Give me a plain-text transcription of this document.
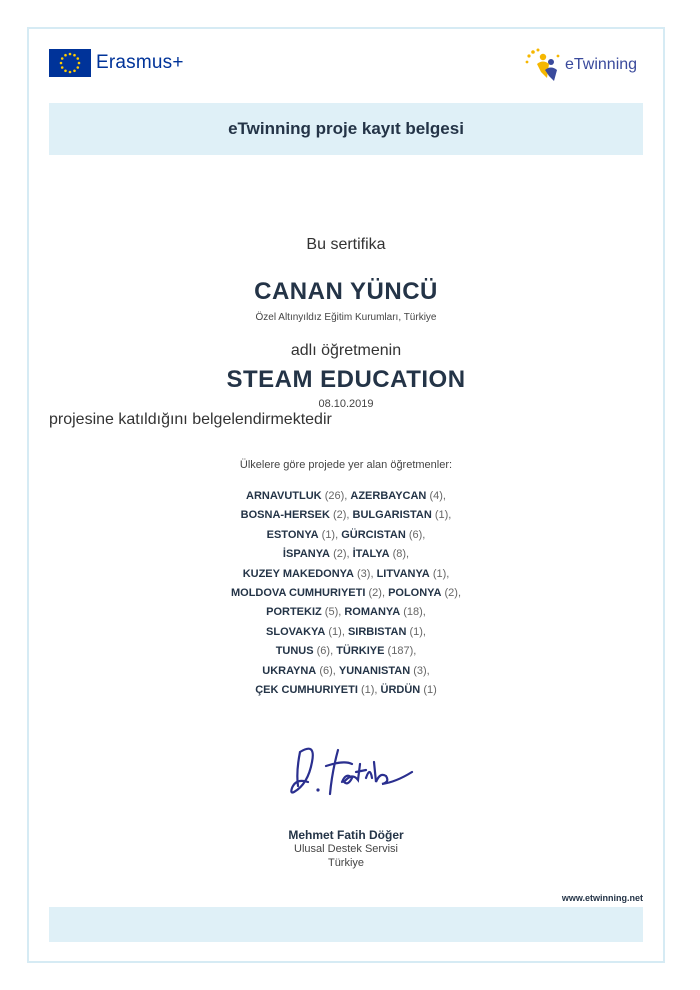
Erasmus+	eTwinning
eTwinning proje kayıt belgesi
Bu sertifika
CANAN YÜNCÜ
Özel Altınyıldız Eğitim Kurumları, Türkiye
adlı öğretmenin
STEAM EDUCATION
08.10.2019
projesine katıldığını belgelendirmektedir
Ülkelere göre projede yer alan öğretmenler:
ARNAVUTLUK (26), AZERBAYCAN (4),
BOSNA-HERSEK (2), BULGARISTAN (1),
ESTONYA (1), GÜRCISTAN (6),
İSPANYA (2), İTALYA (8),
KUZEY MAKEDONYA (3), LITVANYA (1),
MOLDOVA CUMHURIYETI (2), POLONYA (2),
PORTEKIZ (5), ROMANYA (18),
SLOVAKYA (1), SIRBISTAN (1),
TUNUS (6), TÜRKIYE (187),
UKRAYNA (6), YUNANISTAN (3),
ÇEK CUMHURIYETI (1), ÜRDÜN (1)
Mehmet Fatih Döğer
Ulusal Destek Servisi
Türkiye
www.etwinning.net
